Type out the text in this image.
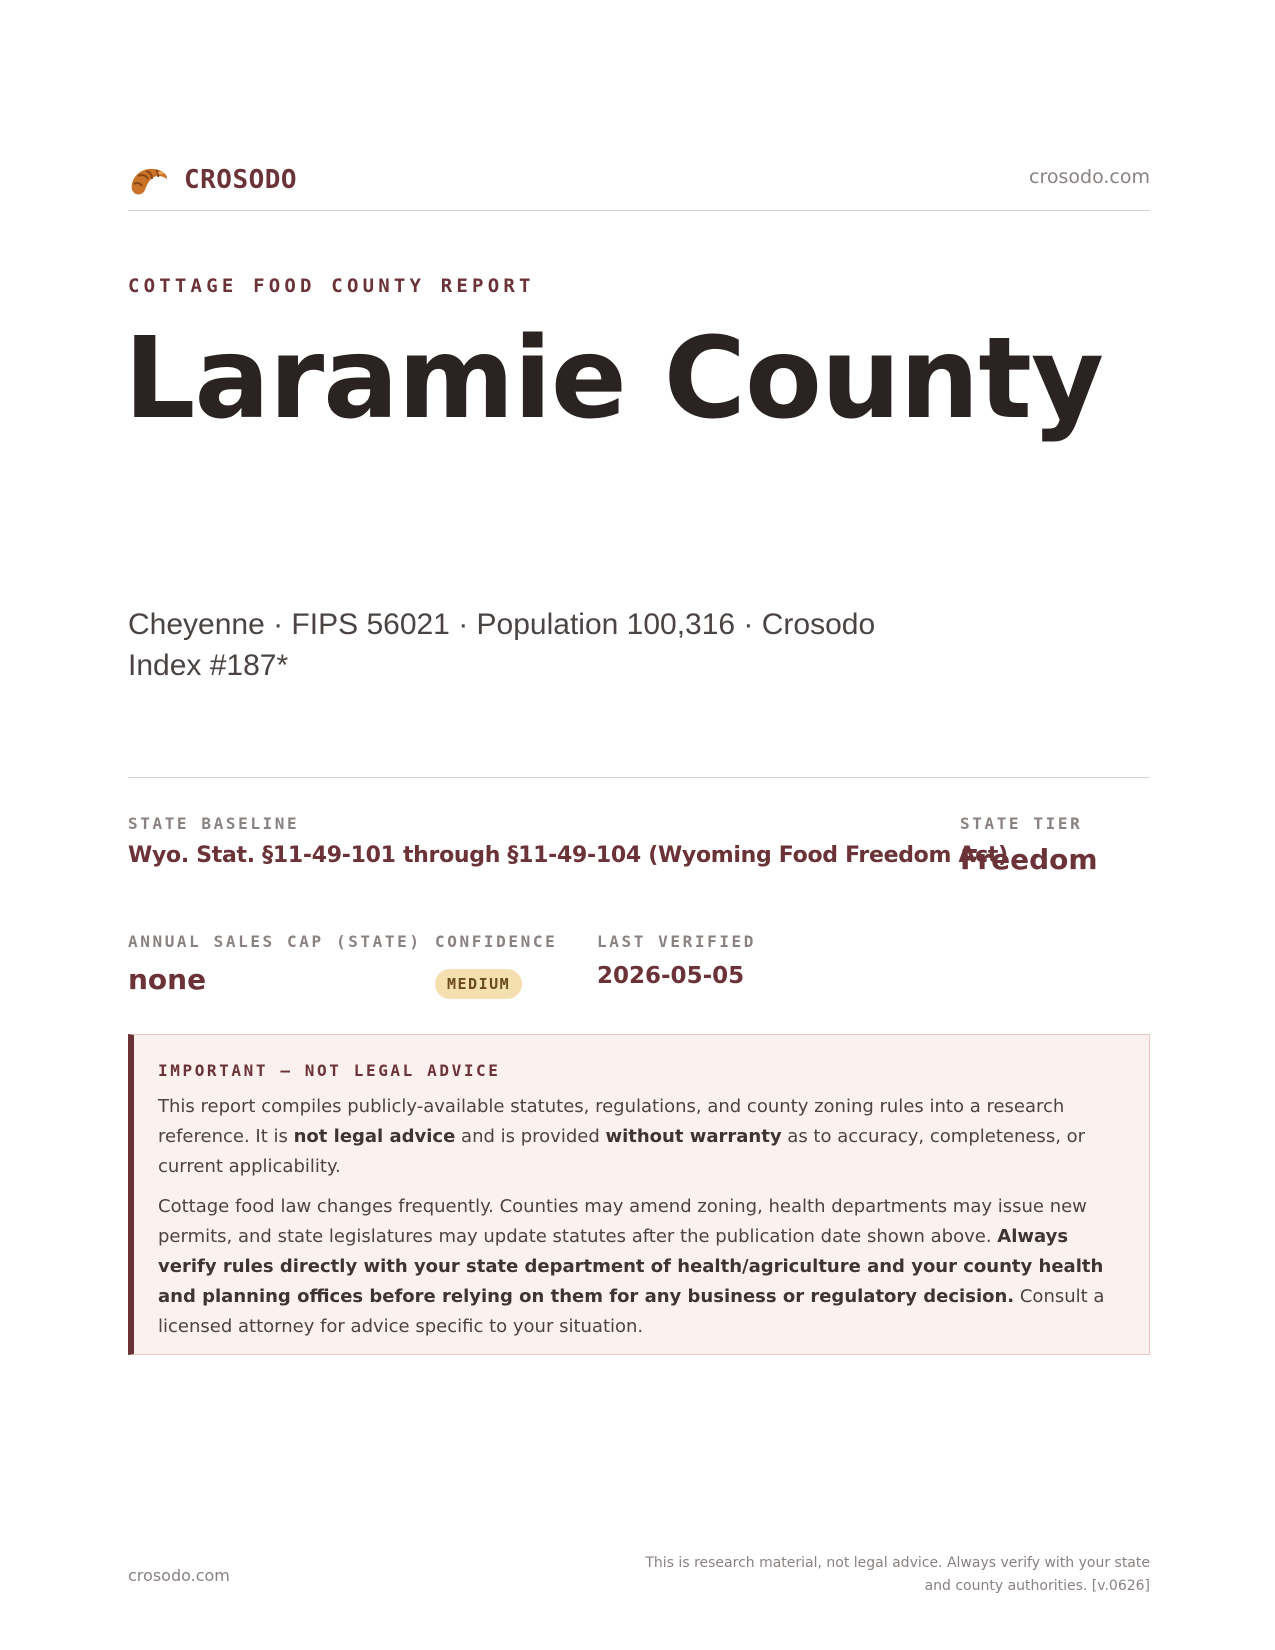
CROSODO	crosodo.com
COTTAGE FOOD COUNTY REPORT
Laramie County
Cheyenne · FIPS 56021 · Population 100,316 · Crosodo Index #187*
STATE BASELINE
Wyo. Stat. §11-49-101 through §11-49-104 (Wyoming Food Freedom Act)
STATE TIER
Freedom
ANNUAL SALES CAP (STATE)
none
CONFIDENCE
MEDIUM
LAST VERIFIED
2026-05-05
IMPORTANT — NOT LEGAL ADVICE

This report compiles publicly-available statutes, regulations, and county zoning rules into a research reference. It is not legal advice and is provided without warranty as to accuracy, completeness, or current applicability.

Cottage food law changes frequently. Counties may amend zoning, health departments may issue new permits, and state legislatures may update statutes after the publication date shown above. Always verify rules directly with your state department of health/agriculture and your county health and planning offices before relying on them for any business or regulatory decision. Consult a licensed attorney for advice specific to your situation.

crosodo.com
This is research material, not legal advice. Always verify with your state and county authorities. [v.0626]
